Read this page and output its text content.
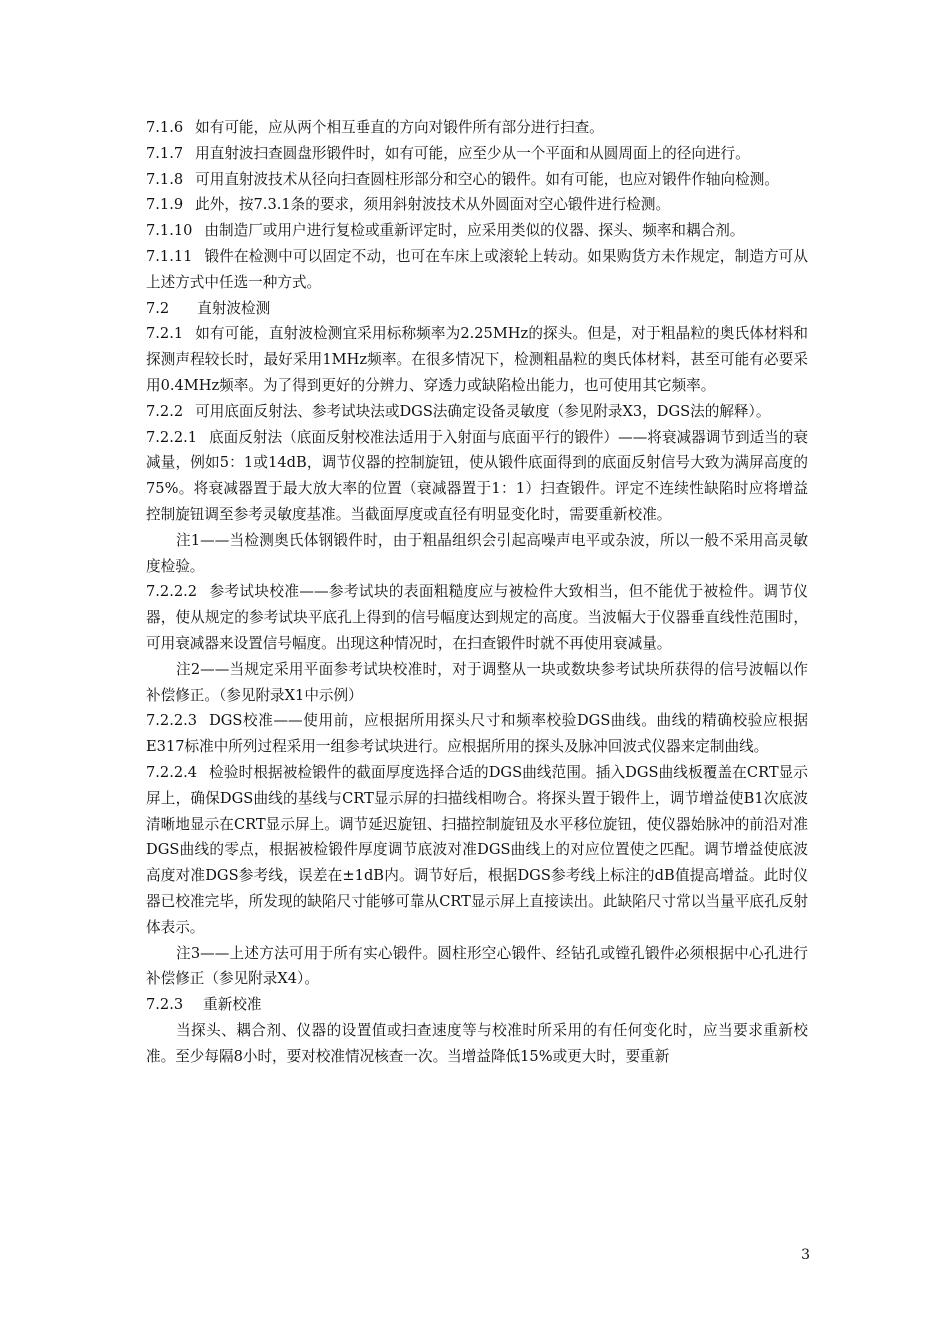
7.1.6 如有可能，应从两个相互垂直的方向对锻件所有部分进行扫查。

7.1.7 用直射波扫查圆盘形锻件时，如有可能，应至少从一个平面和从圆周面上的径向进行。

7.1.8 可用直射波技术从径向扫查圆柱形部分和空心的锻件。如有可能，也应对锻件作轴向检测。

7.1.9 此外，按7.3.1条的要求，须用斜射波技术从外圆面对空心锻件进行检测。

7.1.10 由制造厂或用户进行复检或重新评定时，应采用类似的仪器、探头、频率和耦合剂。

7.1.11 锻件在检测中可以固定不动，也可在车床上或滚轮上转动。如果购货方未作规定，制造方可从上述方式中任选一种方式。

7.2 直射波检测

7.2.1 如有可能，直射波检测宜采用标称频率为2.25MHz的探头。但是，对于粗晶粒的奥氏体材料和探测声程较长时，最好采用1MHz频率。在很多情况下，检测粗晶粒的奥氏体材料，甚至可能有必要采用0.4MHz频率。为了得到更好的分辨力、穿透力或缺陷检出能力，也可使用其它频率。

7.2.2 可用底面反射法、参考试块法或DGS法确定设备灵敏度（参见附录X3，DGS法的解释）。

7.2.2.1 底面反射法（底面反射校准法适用于入射面与底面平行的锻件）——将衰减器调节到适当的衰减量，例如5：1或14dB，调节仪器的控制旋钮，使从锻件底面得到的底面反射信号大致为满屏高度的75%。将衰减器置于最大放大率的位置（衰减器置于1：1）扫查锻件。评定不连续性缺陷时应将增益控制旋钮调至参考灵敏度基准。当截面厚度或直径有明显变化时，需要重新校准。

注1——当检测奥氏体钢锻件时，由于粗晶组织会引起高噪声电平或杂波，所以一般不采用高灵敏度检验。

7.2.2.2 参考试块校准——参考试块的表面粗糙度应与被检件大致相当，但不能优于被检件。调节仪器，使从规定的参考试块平底孔上得到的信号幅度达到规定的高度。当波幅大于仪器垂直线性范围时，可用衰减器来设置信号幅度。出现这种情况时，在扫查锻件时就不再使用衰减量。

注2——当规定采用平面参考试块校准时，对于调整从一块或数块参考试块所获得的信号波幅以作补偿修正。（参见附录X1中示例）

7.2.2.3 DGS校准——使用前，应根据所用探头尺寸和频率校验DGS曲线。曲线的精确校验应根据E317标准中所列过程采用一组参考试块进行。应根据所用的探头及脉冲回波式仪器来定制曲线。

7.2.2.4 检验时根据被检锻件的截面厚度选择合适的DGS曲线范围。插入DGS曲线板覆盖在CRT显示屏上，确保DGS曲线的基线与CRT显示屏的扫描线相吻合。将探头置于锻件上，调节增益使B1次底波清晰地显示在CRT显示屏上。调节延迟旋钮、扫描控制旋钮及水平移位旋钮，使仪器始脉冲的前沿对准DGS曲线的零点，根据被检锻件厚度调节底波对准DGS曲线上的对应位置使之匹配。调节增益使底波高度对准DGS参考线，误差在±1dB内。调节好后，根据DGS参考线上标注的dB值提高增益。此时仪器已校准完毕，所发现的缺陷尺寸能够可靠从CRT显示屏上直接读出。此缺陷尺寸常以当量平底孔反射体表示。

注3——上述方法可用于所有实心锻件。圆柱形空心锻件、经钻孔或镗孔锻件必须根据中心孔进行补偿修正（参见附录X4）。

7.2.3 重新校准

当探头、耦合剂、仪器的设置值或扫查速度等与校准时所采用的有任何变化时，应当要求重新校准。至少每隔8小时，要对校准情况核查一次。当增益降低15%或更大时，要重新

3
